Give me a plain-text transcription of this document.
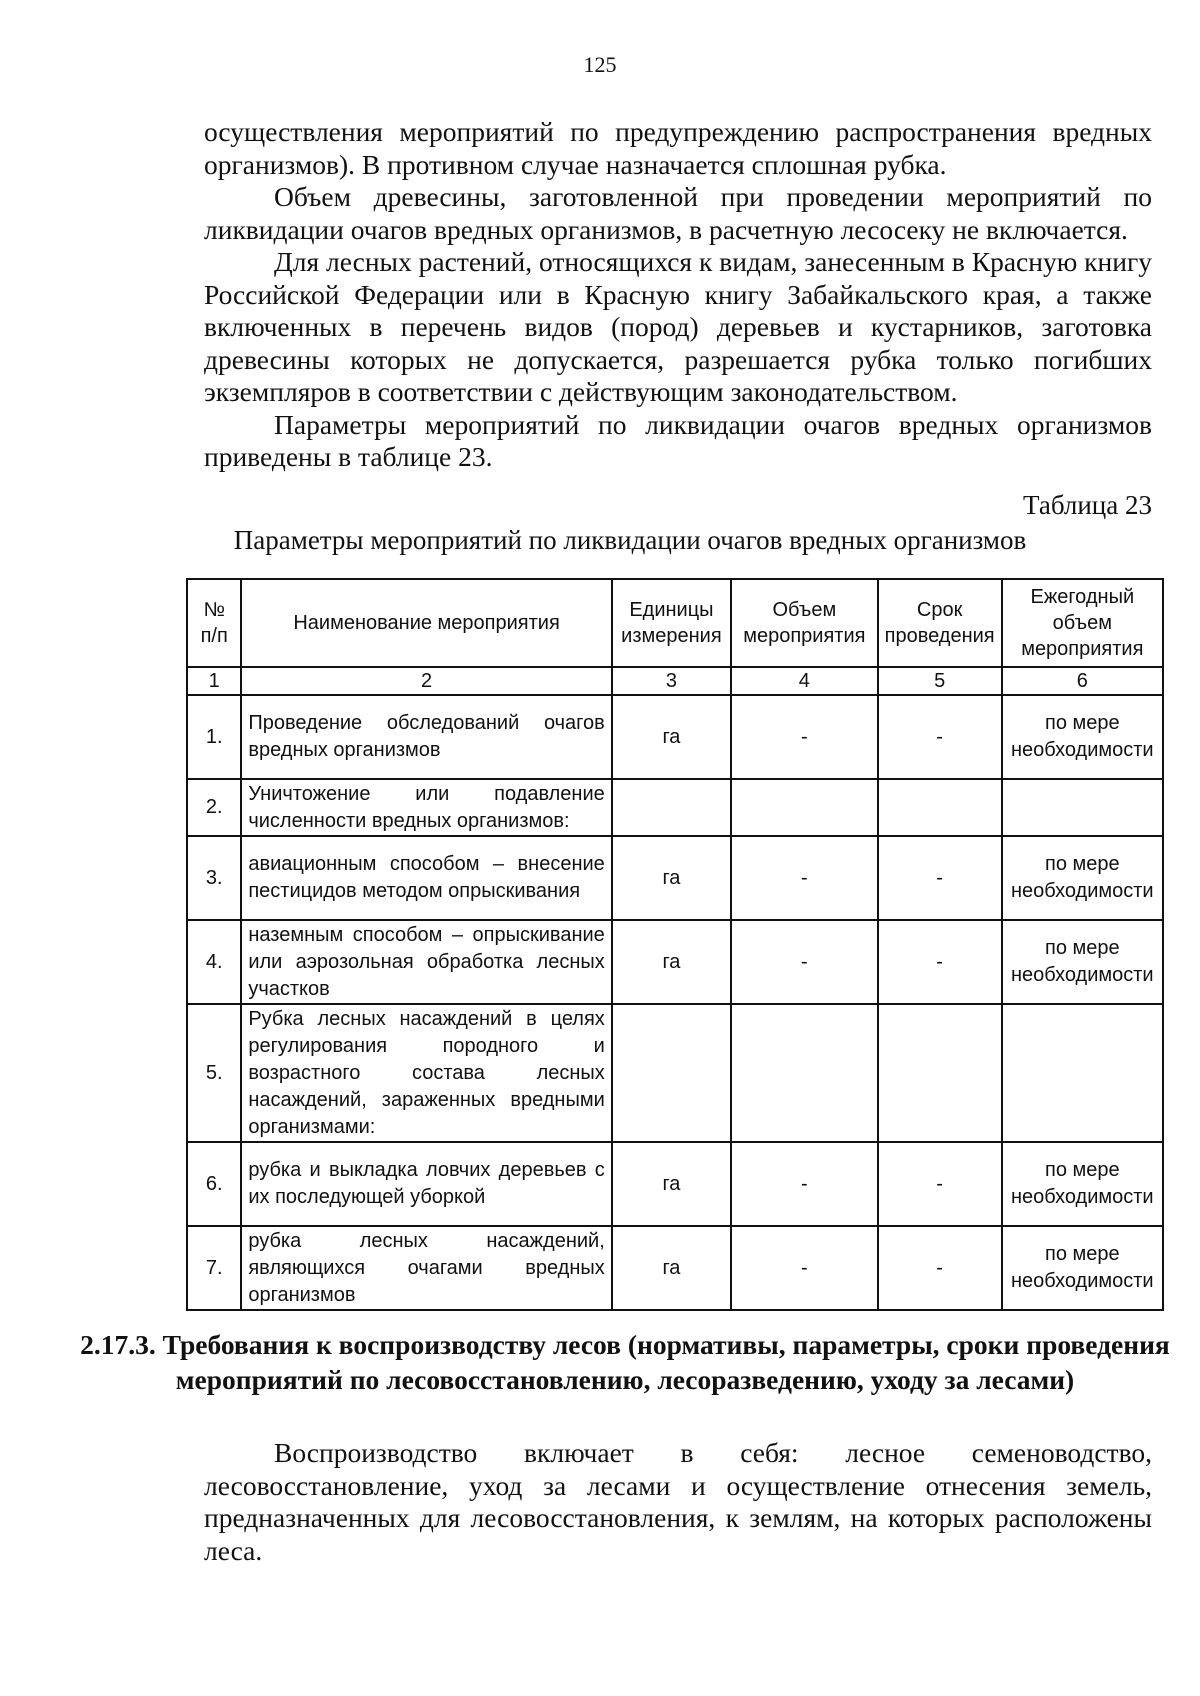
125

осуществления мероприятий по предупреждению распространения вредных организмов). В противном случае назначается сплошная рубка.

Объем древесины, заготовленной при проведении мероприятий по ликвидации очагов вредных организмов, в расчетную лесосеку не включается.

Для лесных растений, относящихся к видам, занесенным в Красную книгу Российской Федерации или в Красную книгу Забайкальского края, а также включенных в перечень видов (пород) деревьев и кустарников, заготовка древесины которых не допускается, разрешается рубка только погибших экземпляров в соответствии с действующим законодательством.

Параметры мероприятий по ликвидации очагов вредных организмов приведены в таблице 23.

Таблица 23
Параметры мероприятий по ликвидации очагов вредных организмов
№ п/п	Наименование мероприятия	Единицы измерения	Объем мероприятия	Срок проведения	Ежегодный объем мероприятия
1	2	3	4	5	6
1.	Проведение обследований очагов вредных организмов	га	-	-	по мере необходимости
2.	Уничтожение или подавление численности вредных организмов:				
3.	авиационным способом – внесение пестицидов методом опрыскивания	га	-	-	по мере необходимости
4.	наземным способом – опрыскивание или аэрозольная обработка лесных участков	га	-	-	по мере необходимости
5.	Рубка лесных насаждений в целях регулирования породного и возрастного состава лесных насаждений, зараженных вредными организмами:				
6.	рубка и выкладка ловчих деревьев с их последующей уборкой	га	-	-	по мере необходимости
7.	рубка лесных насаждений, являющихся очагами вредных организмов	га	-	-	по мере необходимости
2.17.3. Требования к воспроизводству лесов (нормативы, параметры, сроки проведения мероприятий по лесовосстановлению, лесоразведению, уходу за лесами)

Воспроизводство включает в себя: лесное семеноводство, лесовосстановление, уход за лесами и осуществление отнесения земель, предназначенных для лесовосстановления, к землям, на которых расположены леса.
